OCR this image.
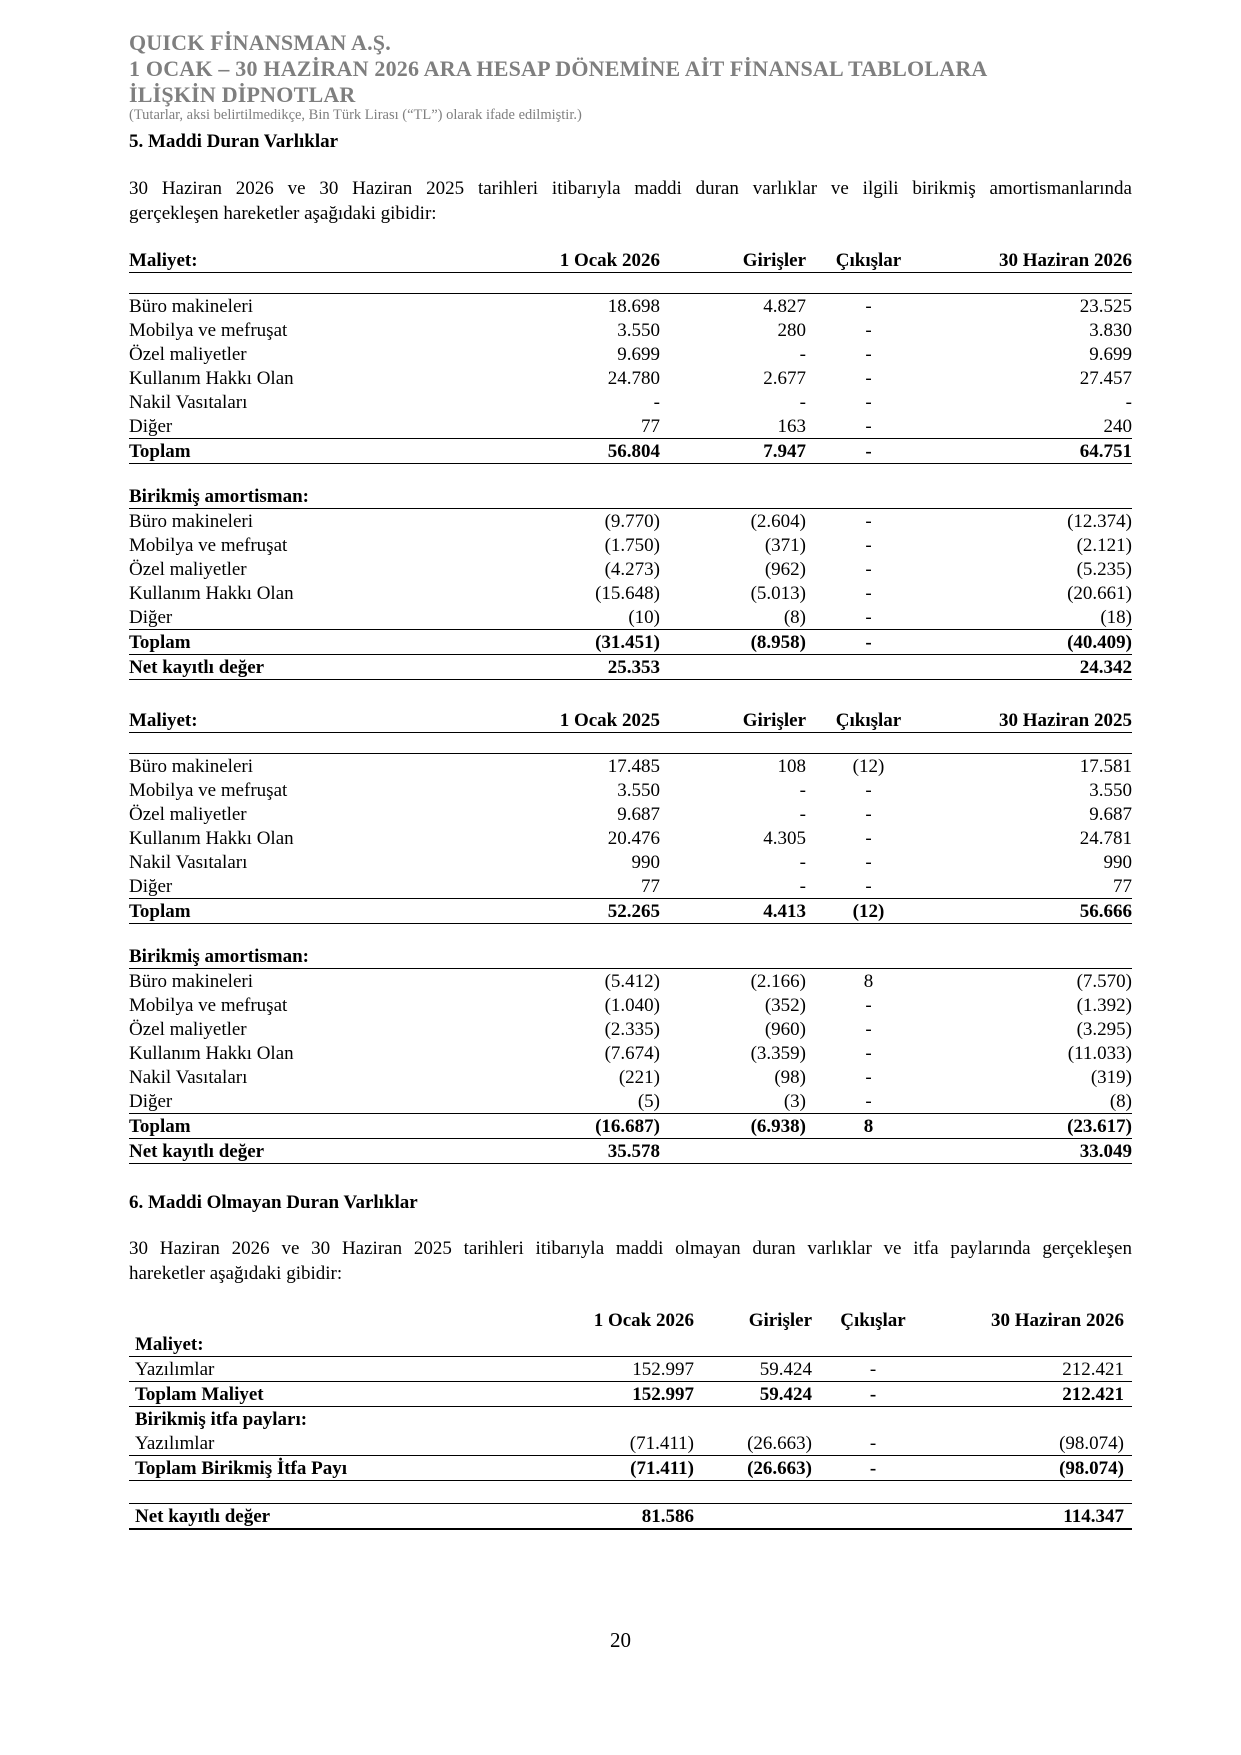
QUICK FİNANSMAN A.Ş.
1 OCAK – 30 HAZİRAN 2026 ARA HESAP DÖNEMİNE AİT FİNANSAL TABLOLARA
İLİŞKİN DİPNOTLAR
(Tutarlar, aksi belirtilmedikçe, Bin Türk Lirası (“TL”) olarak ifade edilmiştir.)
5. Maddi Duran Varlıklar
30 Haziran 2026 ve 30 Haziran 2025 tarihleri itibarıyla maddi duran varlıklar ve ilgili birikmiş amortismanlarında
gerçekleşen hareketler aşağıdaki gibidir:
Maliyet:	1 Ocak 2026	Girişler	Çıkışlar	30 Haziran 2026

Büro makineleri	18.698	4.827	-	23.525
Mobilya ve mefruşat	3.550	280	-	3.830
Özel maliyetler	9.699	-	-	9.699
Kullanım Hakkı Olan	24.780	2.677	-	27.457
Nakil Vasıtaları	-	-	-	-
Diğer	77	163	-	240
Toplam	56.804	7.947	-	64.751

Birikmiş amortisman:				
Büro makineleri	(9.770)	(2.604)	-	(12.374)
Mobilya ve mefruşat	(1.750)	(371)	-	(2.121)
Özel maliyetler	(4.273)	(962)	-	(5.235)
Kullanım Hakkı Olan	(15.648)	(5.013)	-	(20.661)
Diğer	(10)	(8)	-	(18)
Toplam	(31.451)	(8.958)	-	(40.409)
Net kayıtlı değer	25.353			24.342
Maliyet:	1 Ocak 2025	Girişler	Çıkışlar	30 Haziran 2025

Büro makineleri	17.485	108	(12)	17.581
Mobilya ve mefruşat	3.550	-	-	3.550
Özel maliyetler	9.687	-	-	9.687
Kullanım Hakkı Olan	20.476	4.305	-	24.781
Nakil Vasıtaları	990	-	-	990
Diğer	77	-	-	77
Toplam	52.265	4.413	(12)	56.666

Birikmiş amortisman:				
Büro makineleri	(5.412)	(2.166)	8	(7.570)
Mobilya ve mefruşat	(1.040)	(352)	-	(1.392)
Özel maliyetler	(2.335)	(960)	-	(3.295)
Kullanım Hakkı Olan	(7.674)	(3.359)	-	(11.033)
Nakil Vasıtaları	(221)	(98)	-	(319)
Diğer	(5)	(3)	-	(8)
Toplam	(16.687)	(6.938)	8	(23.617)
Net kayıtlı değer	35.578			33.049
6. Maddi Olmayan Duran Varlıklar
30 Haziran 2026 ve 30 Haziran 2025 tarihleri itibarıyla maddi olmayan duran varlıklar ve itfa paylarında gerçekleşen
hareketler aşağıdaki gibidir:
	1 Ocak 2026	Girişler	Çıkışlar	30 Haziran 2026
Maliyet:				
Yazılımlar	152.997	59.424	-	212.421
Toplam Maliyet	152.997	59.424	-	212.421
Birikmiş itfa payları:				
Yazılımlar	(71.411)	(26.663)	-	(98.074)
Toplam Birikmiş İtfa Payı	(71.411)	(26.663)	-	(98.074)

Net kayıtlı değer	81.586			114.347
20
